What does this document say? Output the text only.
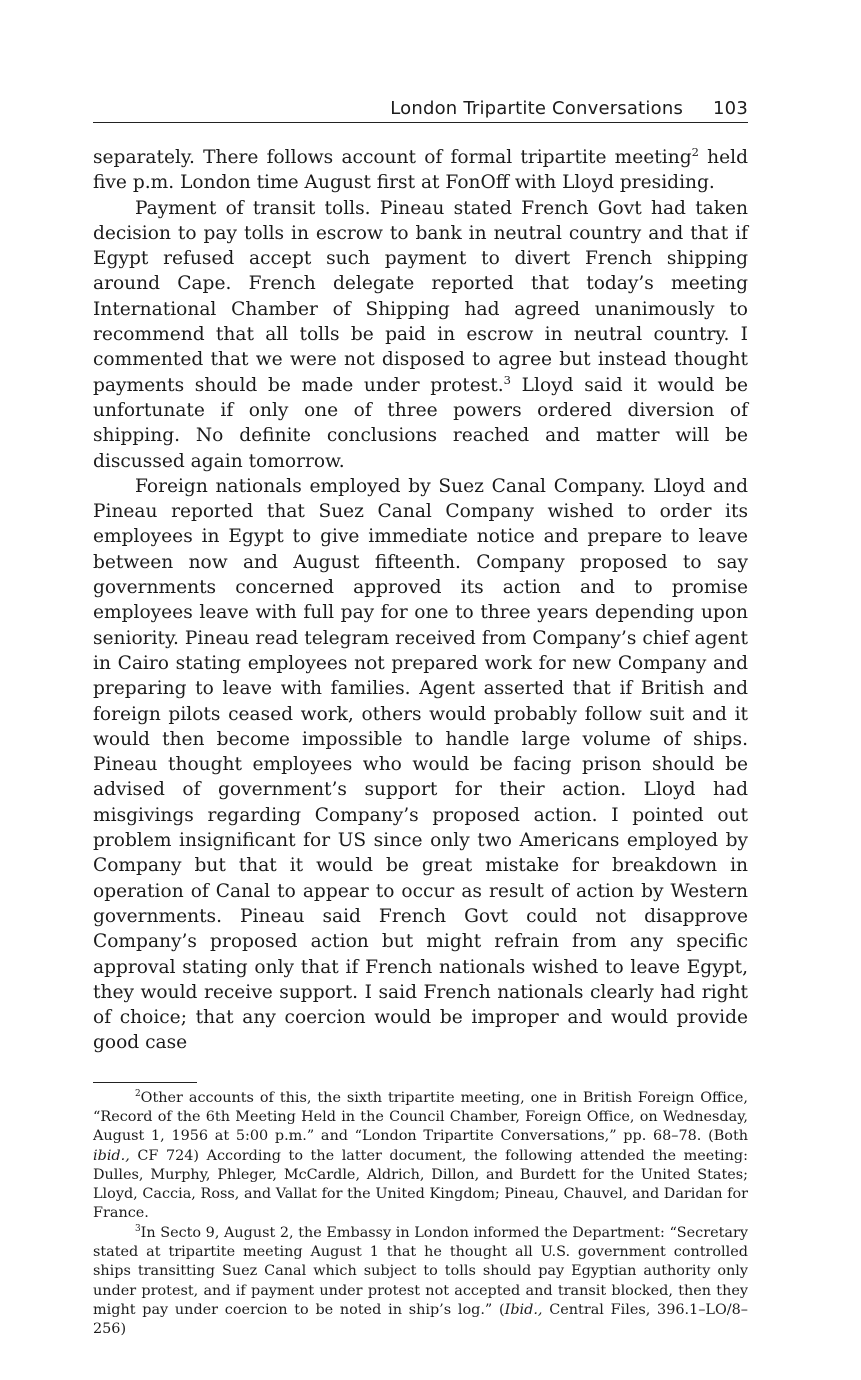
London Tripartite Conversations 103

separately. There follows account of formal tripartite meeting$^2$ held five p.m. London time August first at FonOff with Lloyd presiding.

Payment of transit tolls. Pineau stated French Govt had taken decision to pay tolls in escrow to bank in neutral country and that if Egypt refused accept such payment to divert French shipping around Cape. French delegate reported that today’s meeting International Chamber of Shipping had agreed unanimously to recommend that all tolls be paid in escrow in neutral country. I commented that we were not disposed to agree but instead thought payments should be made under protest.$^3$ Lloyd said it would be unfortunate if only one of three powers ordered diversion of shipping. No definite conclusions reached and matter will be discussed again tomorrow.

Foreign nationals employed by Suez Canal Company. Lloyd and Pineau reported that Suez Canal Company wished to order its employees in Egypt to give immediate notice and prepare to leave between now and August fifteenth. Company proposed to say governments concerned approved its action and to promise employees leave with full pay for one to three years depending upon seniority. Pineau read telegram received from Company’s chief agent in Cairo stating employees not prepared work for new Company and preparing to leave with families. Agent asserted that if British and foreign pilots ceased work, others would probably follow suit and it would then become impossible to handle large volume of ships. Pineau thought employees who would be facing prison should be advised of government’s support for their action. Lloyd had misgivings regarding Company’s proposed action. I pointed out problem insignificant for US since only two Americans employed by Company but that it would be great mistake for breakdown in operation of Canal to appear to occur as result of action by Western governments. Pineau said French Govt could not disapprove Company’s proposed action but might refrain from any specific approval stating only that if French nationals wished to leave Egypt, they would receive support. I said French nationals clearly had right of choice; that any coercion would be improper and would provide good case

$^2$Other accounts of this, the sixth tripartite meeting, one in British Foreign Office, “Record of the 6th Meeting Held in the Council Chamber, Foreign Office, on Wednesday, August 1, 1956 at 5:00 p.m.” and “London Tripartite Conversations,” pp. 68–78. (Both ibid., CF 724) According to the latter document, the following attended the meeting: Dulles, Murphy, Phleger, McCardle, Aldrich, Dillon, and Burdett for the United States; Lloyd, Caccia, Ross, and Vallat for the United Kingdom; Pineau, Chauvel, and Daridan for France.

$^3$In Secto 9, August 2, the Embassy in London informed the Department: “Secretary stated at tripartite meeting August 1 that he thought all U.S. government controlled ships transitting Suez Canal which subject to tolls should pay Egyptian authority only under protest, and if payment under protest not accepted and transit blocked, then they might pay under coercion to be noted in ship’s log.” (Ibid., Central Files, 396.1–LO/8–256)
